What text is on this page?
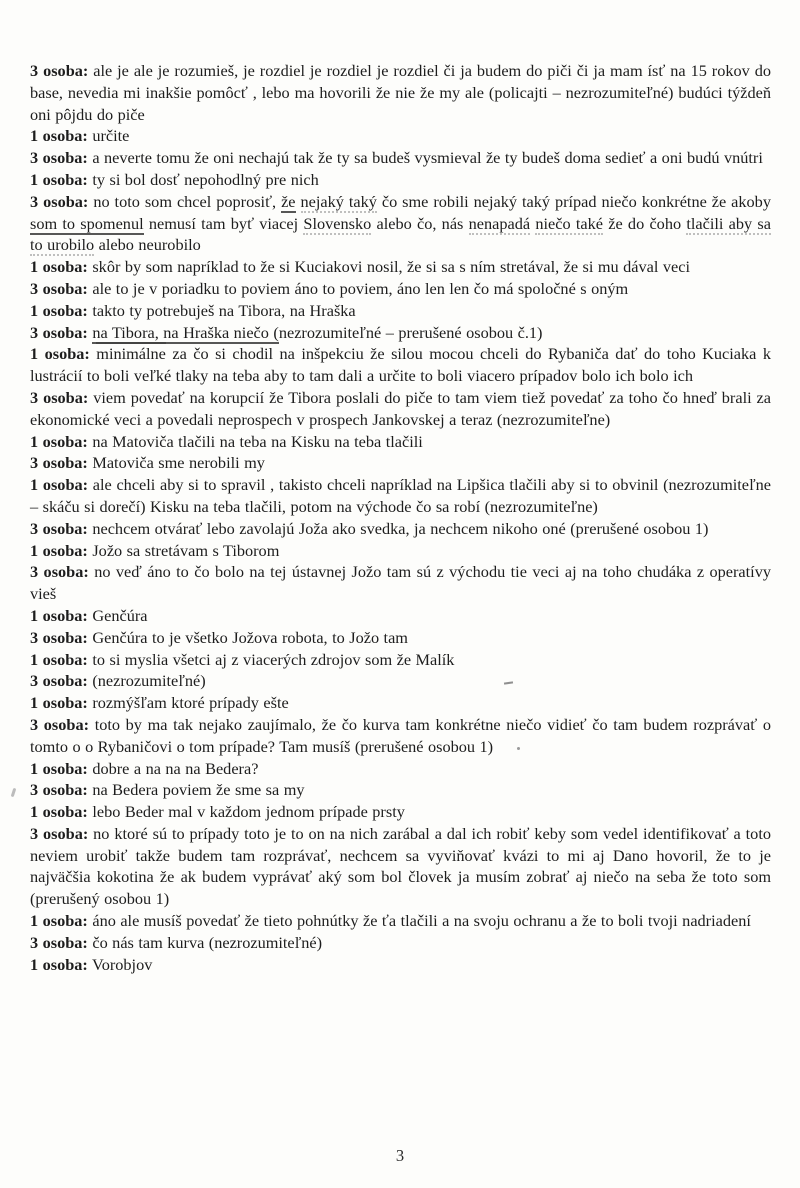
3 osoba: ale je ale je rozumieš, je rozdiel je rozdiel je rozdiel či ja budem do piči či ja mam ísť na 15 rokov do base, nevedia mi inakšie pomôcť , lebo ma hovorili že nie že my ale (policajti – nezrozumiteľné) budúci týždeň oni pôjdu do piče

1 osoba: určite

3 osoba: a neverte tomu že oni nechajú tak že ty sa budeš vysmieval že ty budeš doma sedieť a oni budú vnútri

1 osoba: ty si bol dosť nepohodlný pre nich

3 osoba: no toto som chcel poprosiť, že nejaký taký čo sme robili nejaký taký prípad niečo konkrétne že akoby som to spomenul nemusí tam byť viacej Slovensko alebo čo, nás nenapadá niečo také že do čoho tlačili aby sa to urobilo alebo neurobilo

1 osoba: skôr by som napríklad to že si Kuciakovi nosil, že si sa s ním stretával, že si mu dával veci

3 osoba: ale to je v poriadku to poviem áno to poviem, áno len len čo má spoločné s oným

1 osoba: takto ty potrebuješ na Tibora, na Hraška

3 osoba: na Tibora, na Hraška niečo (nezrozumiteľné – prerušené osobou č.1)

1 osoba: minimálne za čo si chodil na inšpekciu že silou mocou chceli do Rybaniča dať do toho Kuciaka k lustrácií to boli veľké tlaky na teba aby to tam dali a určite to boli viacero prípadov bolo ich bolo ich

3 osoba: viem povedať na korupcií že Tibora poslali do piče to tam viem tiež povedať za toho čo hneď brali za ekonomické veci a povedali neprospech v prospech Jankovskej a teraz (nezrozumiteľne)

1 osoba: na Matoviča tlačili na teba na Kisku na teba tlačili

3 osoba: Matoviča sme nerobili my

1 osoba: ale chceli aby si to spravil , takisto chceli napríklad na Lipšica tlačili aby si to obvinil (nezrozumiteľne – skáču si dorečí) Kisku na teba tlačili, potom na východe čo sa robí (nezrozumiteľne)

3 osoba: nechcem otvárať lebo zavolajú Joža ako svedka, ja nechcem nikoho oné (prerušené osobou 1)

1 osoba: Jožo sa stretávam s Tiborom

3 osoba: no veď áno to čo bolo na tej ústavnej Jožo tam sú z východu tie veci aj na toho chudáka z operatívy vieš

1 osoba: Genčúra

3 osoba: Genčúra to je všetko Jožova robota, to Jožo tam

1 osoba: to si myslia všetci aj z viacerých zdrojov som že Malík

3 osoba: (nezrozumiteľné)

1 osoba: rozmýšľam ktoré prípady ešte

3 osoba: toto by ma tak nejako zaujímalo, že čo kurva tam konkrétne niečo vidieť čo tam budem rozprávať o tomto o o Rybaničovi o tom prípade? Tam musíš (prerušené osobou 1)

1 osoba: dobre a na na na Bedera?

3 osoba: na Bedera poviem že sme sa my

1 osoba: lebo Beder mal v každom jednom prípade prsty

3 osoba: no ktoré sú to prípady toto je to on na nich zarábal a dal ich robiť keby som vedel identifikovať a toto neviem urobiť takže budem tam rozprávať, nechcem sa vyviňovať kvázi to mi aj Dano hovoril, že to je najväčšia kokotina že ak budem vyprávať aký som bol človek ja musím zobrať aj niečo na seba že toto som (prerušený osobou 1)

1 osoba: áno ale musíš povedať že tieto pohnútky že ťa tlačili a na svoju ochranu a že to boli tvoji nadriadení

3 osoba: čo nás tam kurva (nezrozumiteľné)

1 osoba: Vorobjov

3
